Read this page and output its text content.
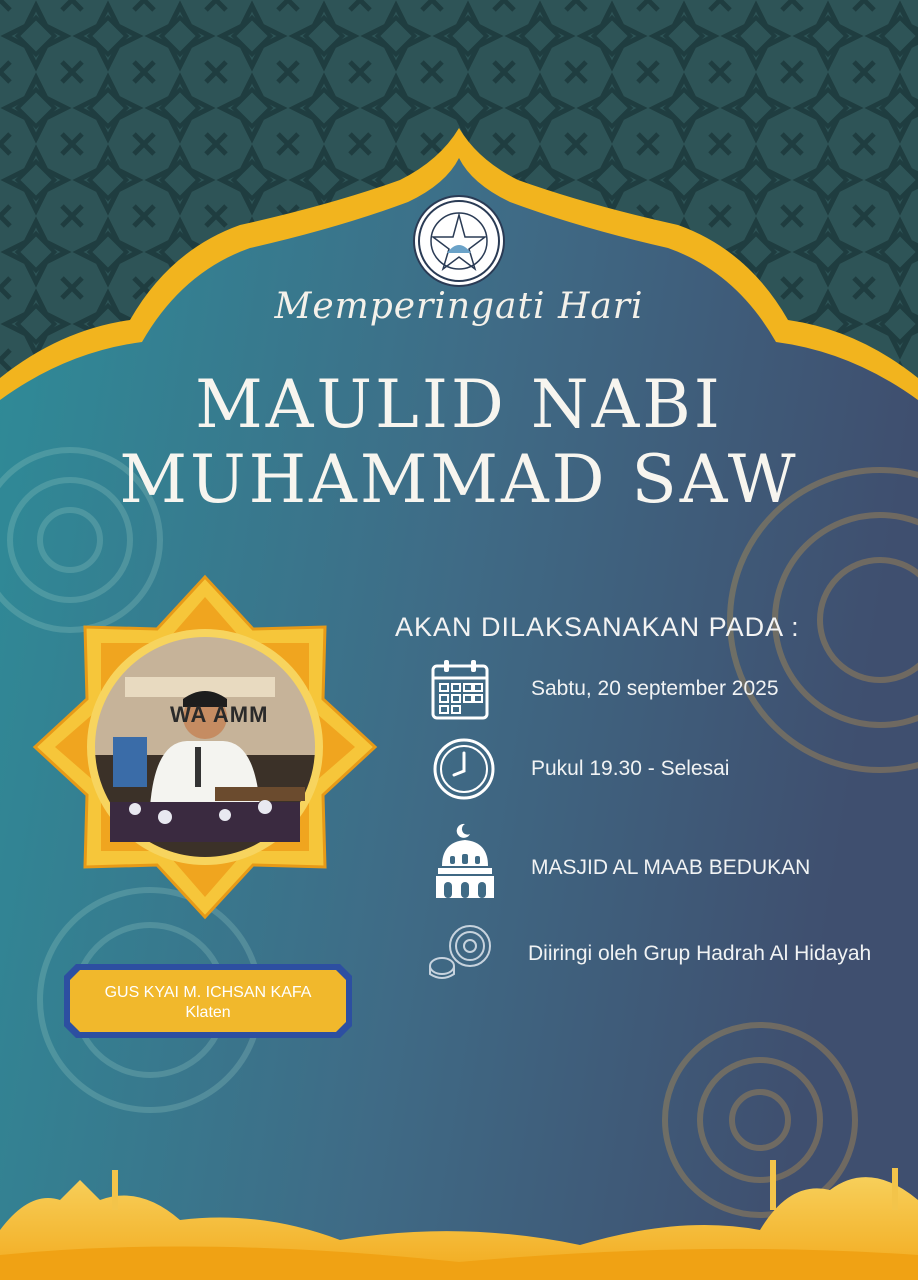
Memperingati Hari
MAULID NABI
MUHAMMAD SAW
WA AMM
GUS KYAI M. ICHSAN KAFA
Klaten
AKAN DILAKSANAKAN PADA :
Sabtu, 20 september 2025
Pukul 19.30 - Selesai
MASJID AL MAAB BEDUKAN
Diiringi oleh Grup Hadrah Al Hidayah
